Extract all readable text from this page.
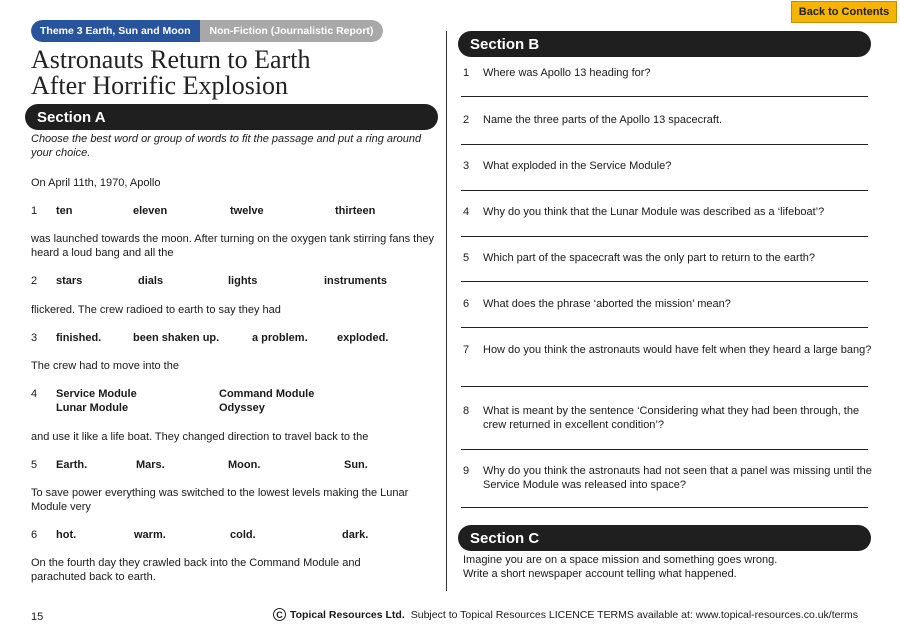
Back to Contents
Theme 3 Earth, Sun and Moon	Non-Fiction (Journalistic Report)
Astronauts Return to Earth
After Horrific Explosion
Section A
Choose the best word or group of words to fit the passage and put a ring around your choice.
On April 11th, 1970, Apollo
1 ten	eleven	twelve	thirteen
was launched towards the moon. After turning on the oxygen tank stirring fans they heard a loud bang and all the
2 stars	dials	lights	instruments
flickered. The crew radioed to earth to say they had
3 finished.	been shaken up.	a problem.	exploded.
The crew had to move into the
4 Service Module	Command Module
Lunar Module	Odyssey
and use it like a life boat. They changed direction to travel back to the
5 Earth.	Mars.	Moon.	Sun.
To save power everything was switched to the lowest levels making the Lunar Module very
6 hot.	warm.	cold.	dark.
On the fourth day they crawled back into the Command Module and parachuted back to earth.
Section B
1 Where was Apollo 13 heading for?
2 Name the three parts of the Apollo 13 spacecraft.
3 What exploded in the Service Module?
4 Why do you think that the Lunar Module was described as a ‘lifeboat’?
5 Which part of the spacecraft was the only part to return to the earth?
6 What does the phrase ‘aborted the mission’ mean?
7 How do you think the astronauts would have felt when they heard a large bang?
8 What is meant by the sentence ‘Considering what they had been through, the crew returned in excellent condition’?
9 Why do you think the astronauts had not seen that a panel was missing until the Service Module was released into space?
Section C
Imagine you are on a space mission and something goes wrong.
Write a short newspaper account telling what happened.
15	C Topical Resources Ltd. Subject to Topical Resources LICENCE TERMS available at: www.topical-resources.co.uk/terms
